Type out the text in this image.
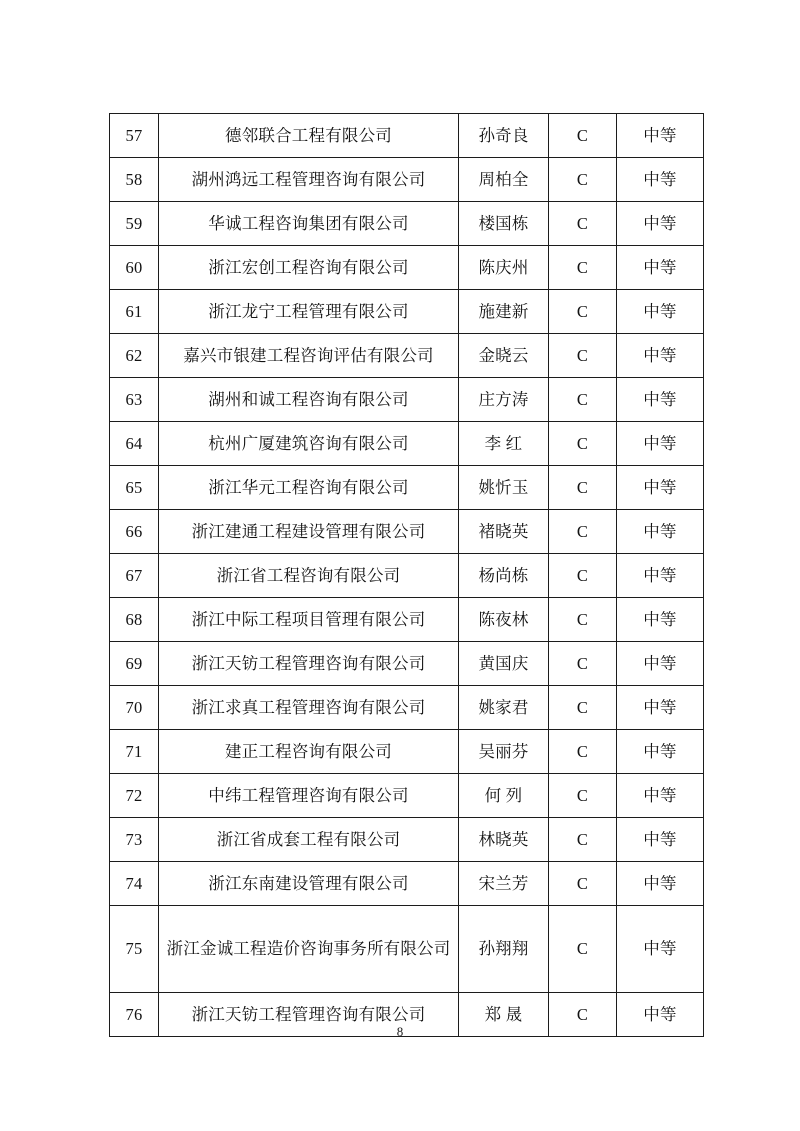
57	德邻联合工程有限公司	孙奇良	C	中等
58	湖州鸿远工程管理咨询有限公司	周柏全	C	中等
59	华诚工程咨询集团有限公司	楼国栋	C	中等
60	浙江宏创工程咨询有限公司	陈庆州	C	中等
61	浙江龙宁工程管理有限公司	施建新	C	中等
62	嘉兴市银建工程咨询评估有限公司	金晓云	C	中等
63	湖州和诚工程咨询有限公司	庄方涛	C	中等
64	杭州广厦建筑咨询有限公司	李 红	C	中等
65	浙江华元工程咨询有限公司	姚忻玉	C	中等
66	浙江建通工程建设管理有限公司	褚晓英	C	中等
67	浙江省工程咨询有限公司	杨尚栋	C	中等
68	浙江中际工程项目管理有限公司	陈夜林	C	中等
69	浙江天钫工程管理咨询有限公司	黄国庆	C	中等
70	浙江求真工程管理咨询有限公司	姚家君	C	中等
71	建正工程咨询有限公司	吴丽芬	C	中等
72	中纬工程管理咨询有限公司	何 列	C	中等
73	浙江省成套工程有限公司	林晓英	C	中等
74	浙江东南建设管理有限公司	宋兰芳	C	中等
75	浙江金诚工程造价咨询事务所有限公司	孙翔翔	C	中等
76	浙江天钫工程管理咨询有限公司	郑 晟	C	中等
8
